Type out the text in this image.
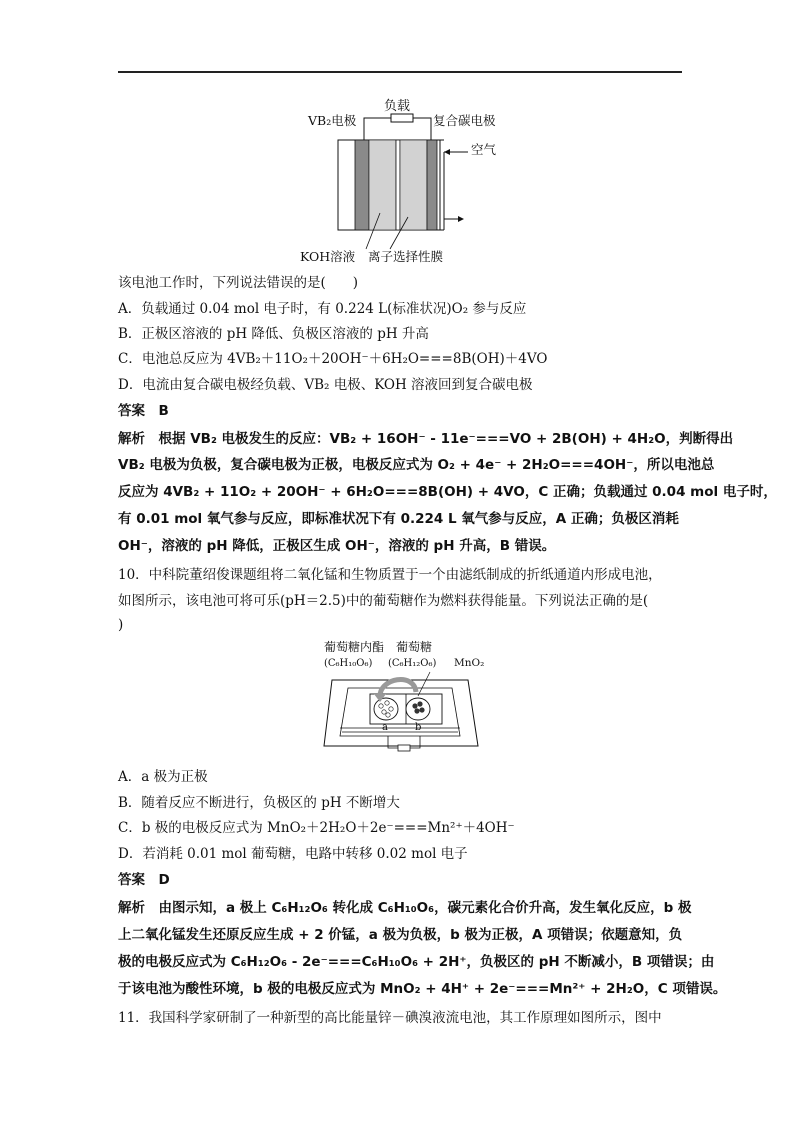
负载
VB₂电极	复合碳电极
空气
KOH溶液 离子选择性膜
该电池工作时，下列说法错误的是(　　)
A．负载通过 0.04 mol 电子时，有 0.224 L(标准状况)O₂ 参与反应
B．正极区溶液的 pH 降低、负极区溶液的 pH 升高
C．电池总反应为 4VB₂＋11O₂＋20OH⁻＋6H₂O===8B(OH)＋4VO
D．电流由复合碳电极经负载、VB₂ 电极、KOH 溶液回到复合碳电极
答案　B
解析　根据 VB₂ 电极发生的反应：VB₂ + 16OH⁻ - 11e⁻===VO + 2B(OH) + 4H₂O，判断得出
VB₂ 电极为负极，复合碳电极为正极，电极反应式为 O₂ + 4e⁻ + 2H₂O===4OH⁻，所以电池总
反应为 4VB₂ + 11O₂ + 20OH⁻ + 6H₂O===8B(OH) + 4VO，C 正确；负载通过 0.04 mol 电子时，
有 0.01 mol 氧气参与反应，即标准状况下有 0.224 L 氧气参与反应，A 正确；负极区消耗
OH⁻，溶液的 pH 降低，正极区生成 OH⁻，溶液的 pH 升高，B 错误。
10．中科院董绍俊课题组将二氧化锰和生物质置于一个由滤纸制成的折纸通道内形成电池，
如图所示，该电池可将可乐(pH＝2.5)中的葡萄糖作为燃料获得能量。下列说法正确的是(
)
葡萄糖内酯 葡萄糖
(C₆H₁₀O₆) (C₆H₁₂O₆) MnO₂
a	b
A．a 极为正极
B．随着反应不断进行，负极区的 pH 不断增大
C．b 极的电极反应式为 MnO₂＋2H₂O＋2e⁻===Mn²⁺＋4OH⁻
D．若消耗 0.01 mol 葡萄糖，电路中转移 0.02 mol 电子
答案　D
解析　由图示知，a 极上 C₆H₁₂O₆ 转化成 C₆H₁₀O₆，碳元素化合价升高，发生氧化反应，b 极
上二氧化锰发生还原反应生成 + 2 价锰，a 极为负极，b 极为正极，A 项错误；依题意知，负
极的电极反应式为 C₆H₁₂O₆ - 2e⁻===C₆H₁₀O₆ + 2H⁺，负极区的 pH 不断减小，B 项错误；由
于该电池为酸性环境，b 极的电极反应式为 MnO₂ + 4H⁺ + 2e⁻===Mn²⁺ + 2H₂O，C 项错误。
11．我国科学家研制了一种新型的高比能量锌－碘溴液流电池，其工作原理如图所示，图中
